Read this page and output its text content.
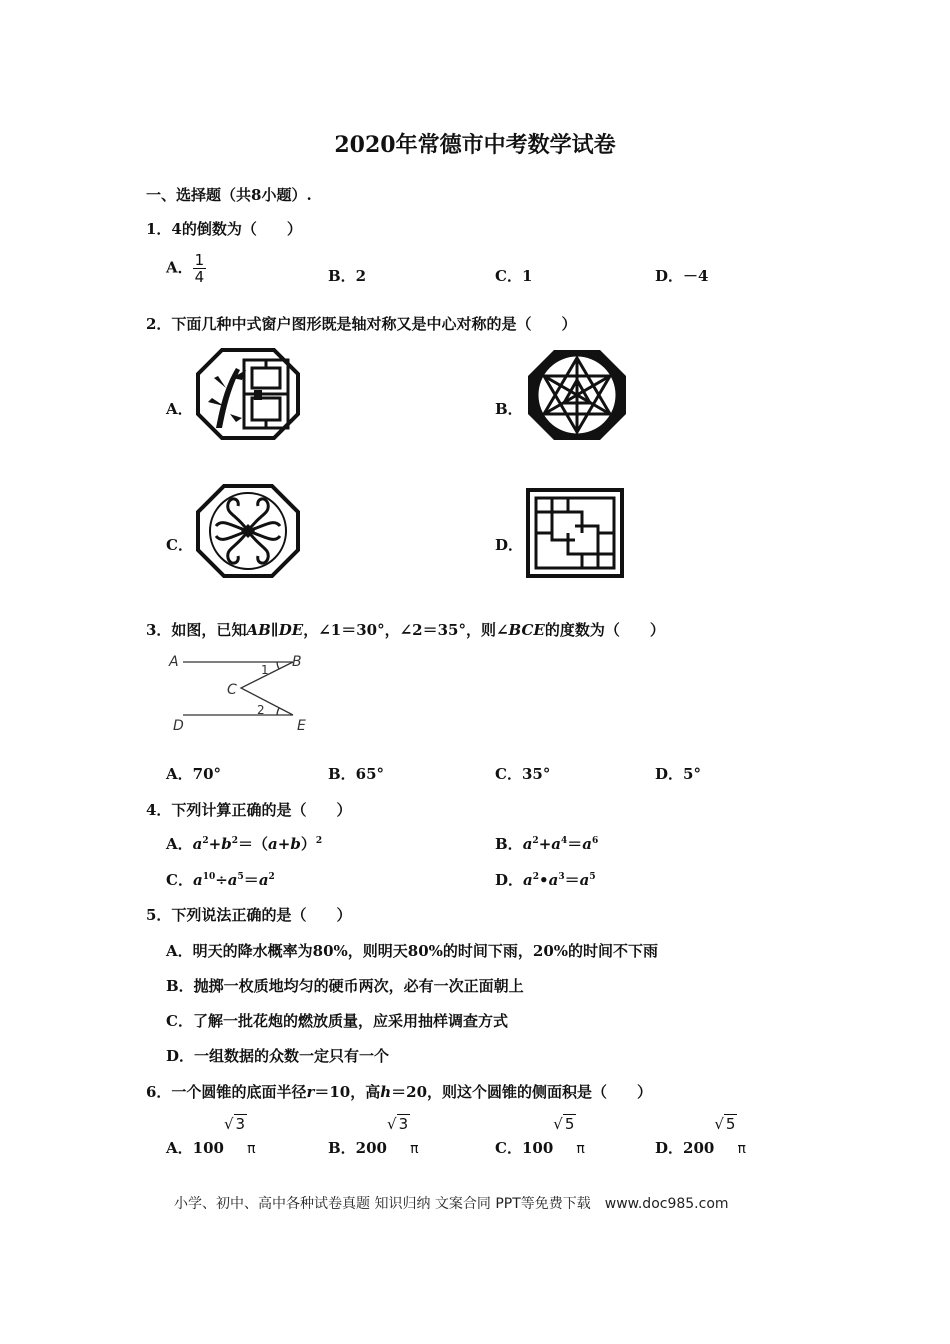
2020年常德市中考数学试卷
一、选择题（共8小题）.
1．4的倒数为（　　）
A． $\frac{1}{4}$	B．2	C．1	D．－4
2．下面几种中式窗户图形既是轴对称又是中心对称的是（　　）
A．	B．
C．	D．
3．如图，已知AB∥DE，∠1＝30°，∠2＝35°，则∠BCE的度数为（　　）
A	B
C
D	E
1
2
A．70°	B．65°	C．35°	D．5°
4．下列计算正确的是（　　）
A．$a^2+b^2=(a+b)^2$	B．$a^2+a^4=a^6$
C．$a^{10}\div a^5=a^2$	D．$a^2•a^3=a^5$
5．下列说法正确的是（　　）
A．明天的降水概率为80%，则明天80%的时间下雨，20%的时间不下雨
B．抛掷一枚质地均匀的硬币两次，必有一次正面朝上
C．了解一批花炮的燃放质量，应采用抽样调查方式
D．一组数据的众数一定只有一个
6．一个圆锥的底面半径r＝10，高h＝20，则这个圆锥的侧面积是（　　）
A．100√ 3π	B．200√ 3π	C．100√ 5π	D．200√ 5π
小学、初中、高中各种试卷真题 知识归纳 文案合同 PPT等免费下载　www.doc985.com
